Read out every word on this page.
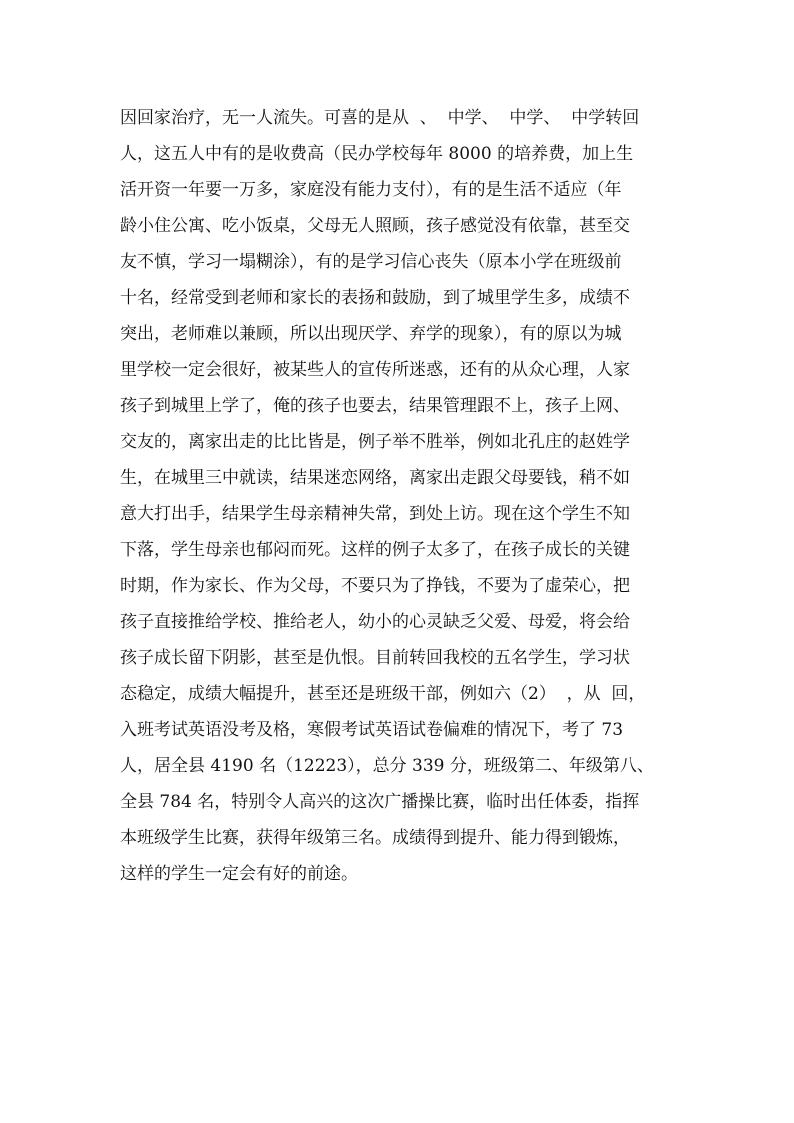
因回家治疗，无一人流失。可喜的是从  、  中学、  中学、  中学转回
人，这五人中有的是收费高（民办学校每年 8000 的培养费，加上生
活开资一年要一万多，家庭没有能力支付），有的是生活不适应（年
龄小住公寓、吃小饭桌，父母无人照顾，孩子感觉没有依靠，甚至交
友不慎，学习一塌糊涂），有的是学习信心丧失（原本小学在班级前
十名，经常受到老师和家长的表扬和鼓励，到了城里学生多，成绩不
突出，老师难以兼顾，所以出现厌学、弃学的现象），有的原以为城
里学校一定会很好，被某些人的宣传所迷惑，还有的从众心理，人家
孩子到城里上学了，俺的孩子也要去，结果管理跟不上，孩子上网、
交友的，离家出走的比比皆是，例子举不胜举，例如北孔庄的赵姓学
生，在城里三中就读，结果迷恋网络，离家出走跟父母要钱，稍不如
意大打出手，结果学生母亲精神失常，到处上访。现在这个学生不知
下落，学生母亲也郁闷而死。这样的例子太多了，在孩子成长的关键
时期，作为家长、作为父母，不要只为了挣钱，不要为了虚荣心，把
孩子直接推给学校、推给老人，幼小的心灵缺乏父爱、母爱，将会给
孩子成长留下阴影，甚至是仇恨。目前转回我校的五名学生，学习状
态稳定，成绩大幅提升，甚至还是班级干部，例如六（2）  ，从  回，
入班考试英语没考及格，寒假考试英语试卷偏难的情况下，考了 73
人，居全县 4190 名（12223），总分 339 分，班级第二、年级第八、
全县 784 名，特别令人高兴的这次广播操比赛，临时出任体委，指挥
本班级学生比赛，获得年级第三名。成绩得到提升、能力得到锻炼，
这样的学生一定会有好的前途。
